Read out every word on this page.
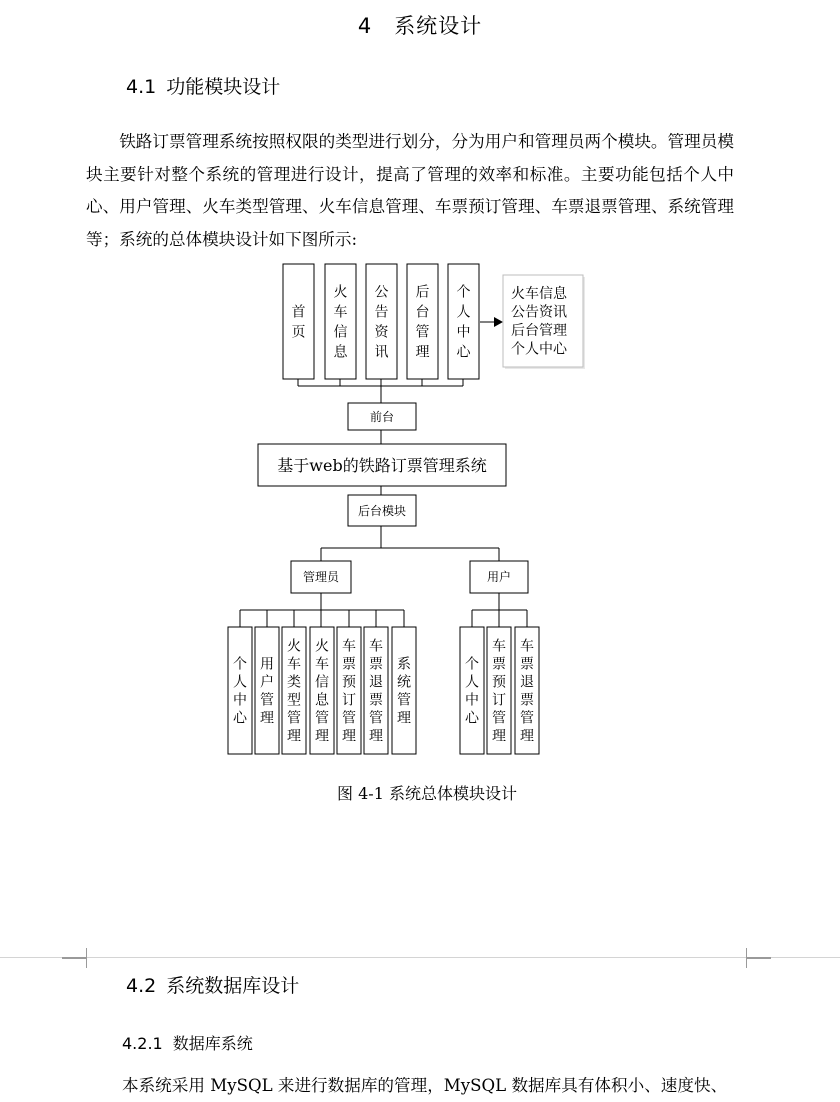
4 系统设计
4.1 功能模块设计

铁路订票管理系统按照权限的类型进行划分，分为用户和管理员两个模块。管理员模块主要针对整个系统的管理进行设计，提高了管理的效率和标准。主要功能包括个人中心、用户管理、火车类型管理、火车信息管理、车票预订管理、车票退票管理、系统管理等；系统的总体模块设计如下图所示:

首页
火车信息
公告资讯
后台管理
个人中心
火车信息
公告资讯
后台管理
个人中心
前台
基于web的铁路订票管理系统
后台模块
管理员	用户
个人中心
用户管理
火车类型管理
火车信息管理
车票预订管理
车票退票管理
系统管理
个人中心
车票预订管理
车票退票管理
图 4-1 系统总体模块设计
4.2 系统数据库设计
4.2.1 数据库系统

本系统采用 MySQL 来进行数据库的管理，MySQL 数据库具有体积小、速度快、
